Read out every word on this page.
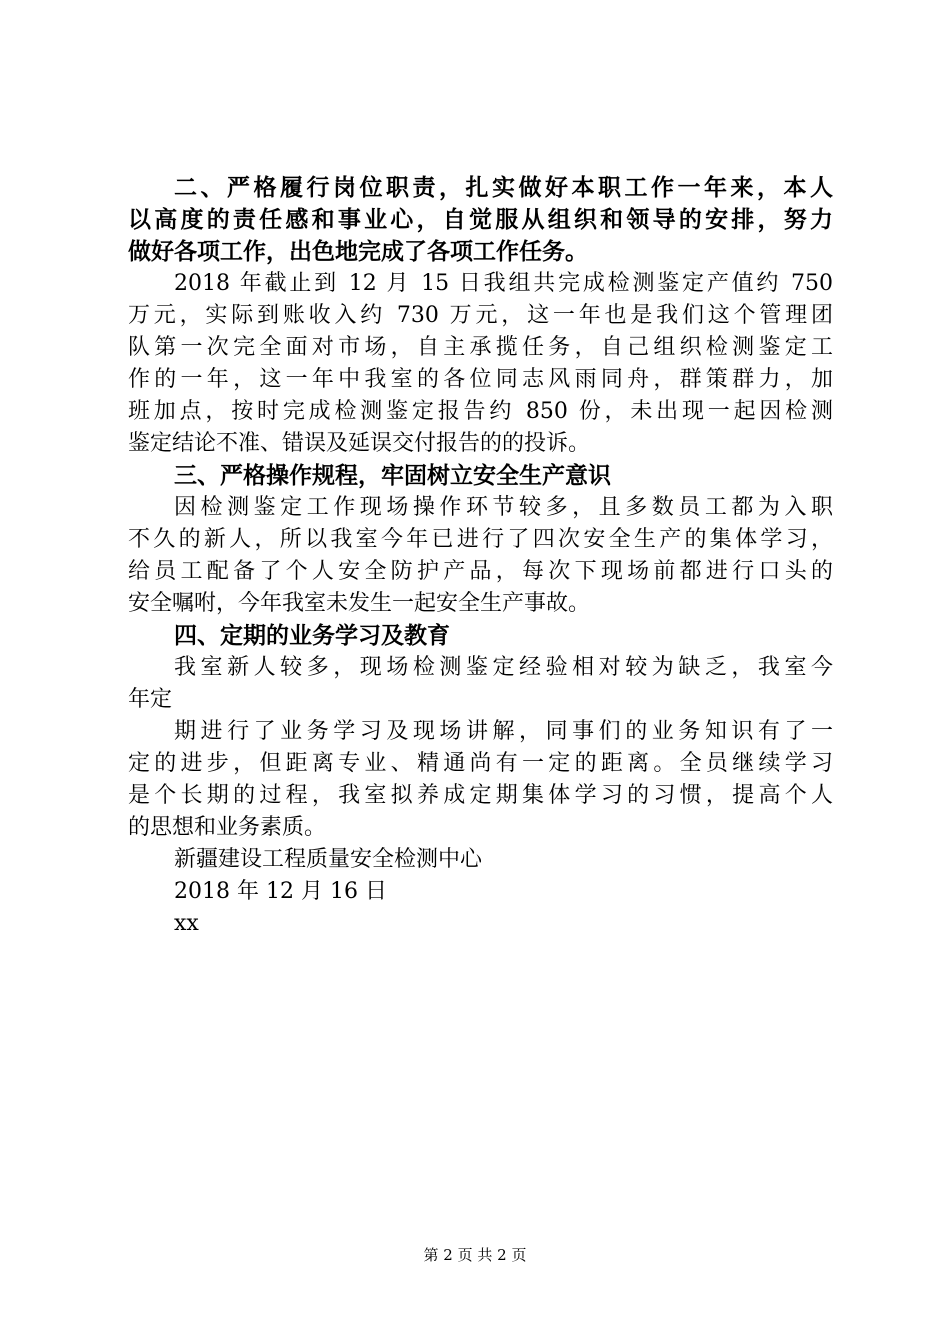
二、严格履行岗位职责，扎实做好本职工作一年来，本人
以高度的责任感和事业心，自觉服从组织和领导的安排，努力
做好各项工作，出色地完成了各项工作任务。
2018 年截止到 12 月 15 日我组共完成检测鉴定产值约 750
万元，实际到账收入约 730 万元，这一年也是我们这个管理团
队第一次完全面对市场，自主承揽任务，自己组织检测鉴定工
作的一年，这一年中我室的各位同志风雨同舟，群策群力，加
班加点，按时完成检测鉴定报告约 850 份，未出现一起因检测
鉴定结论不准、错误及延误交付报告的的投诉。
三、严格操作规程，牢固树立安全生产意识
因检测鉴定工作现场操作环节较多，且多数员工都为入职
不久的新人，所以我室今年已进行了四次安全生产的集体学习，
给员工配备了个人安全防护产品，每次下现场前都进行口头的
安全嘱咐，今年我室未发生一起安全生产事故。
四、定期的业务学习及教育
我室新人较多，现场检测鉴定经验相对较为缺乏，我室今
年定
期进行了业务学习及现场讲解，同事们的业务知识有了一
定的进步，但距离专业、精通尚有一定的距离。全员继续学习
是个长期的过程，我室拟养成定期集体学习的习惯，提高个人
的思想和业务素质。
新疆建设工程质量安全检测中心
2018 年 12 月 16 日
xx
第 2 页 共 2 页
